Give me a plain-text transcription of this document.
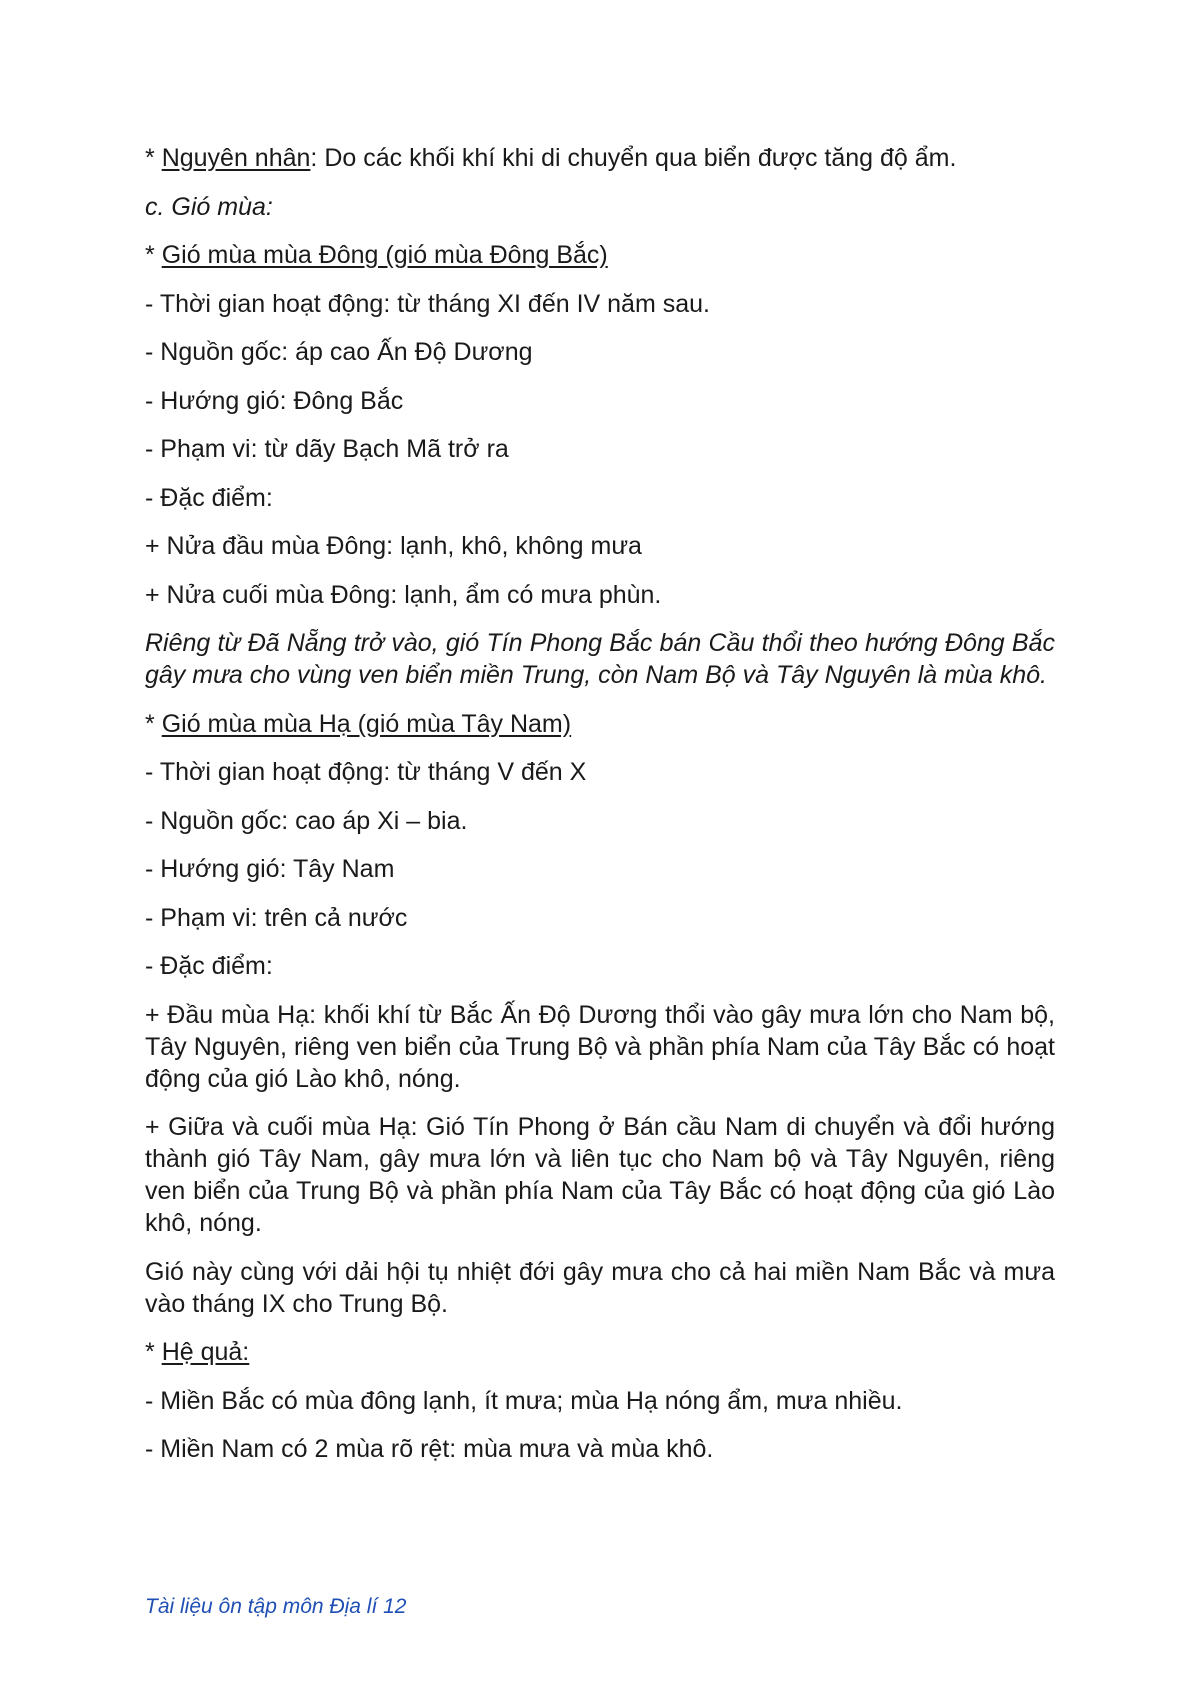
* Nguyên nhân: Do các khối khí khi di chuyển qua biển được tăng độ ẩm.

c. Gió mùa:

* Gió mùa mùa Đông (gió mùa Đông Bắc)

- Thời gian hoạt động: từ tháng XI đến IV năm sau.

- Nguồn gốc: áp cao Ấn Độ Dương

- Hướng gió: Đông Bắc

- Phạm vi: từ dãy Bạch Mã trở ra

- Đặc điểm:

+ Nửa đầu mùa Đông: lạnh, khô, không mưa

+ Nửa cuối mùa Đông: lạnh, ẩm có mưa phùn.

Riêng từ Đã Nẵng trở vào, gió Tín Phong Bắc bán Cầu thổi theo hướng Đông Bắc gây mưa cho vùng ven biển miền Trung, còn Nam Bộ và Tây Nguyên là mùa khô.

* Gió mùa mùa Hạ (gió mùa Tây Nam)

- Thời gian hoạt động: từ tháng V đến X

- Nguồn gốc: cao áp Xi – bia.

- Hướng gió: Tây Nam

- Phạm vi: trên cả nước

- Đặc điểm:

+ Đầu mùa Hạ: khối khí từ Bắc Ấn Độ Dương thổi vào gây mưa lớn cho Nam bộ, Tây Nguyên, riêng ven biển của Trung Bộ và phần phía Nam của Tây Bắc có hoạt động của gió Lào khô, nóng.

+ Giữa và cuối mùa Hạ: Gió Tín Phong ở Bán cầu Nam di chuyển và đổi hướng thành gió Tây Nam, gây mưa lớn và liên tục cho Nam bộ và Tây Nguyên, riêng ven biển của Trung Bộ và phần phía Nam của Tây Bắc có hoạt động của gió Lào khô, nóng.

Gió này cùng với dải hội tụ nhiệt đới gây mưa cho cả hai miền Nam Bắc và mưa vào tháng IX cho Trung Bộ.

* Hệ quả:

- Miền Bắc có mùa đông lạnh, ít mưa; mùa Hạ nóng ẩm, mưa nhiều.

- Miền Nam có 2 mùa rõ rệt: mùa mưa và mùa khô.

Tài liệu ôn tập môn Địa lí 12
